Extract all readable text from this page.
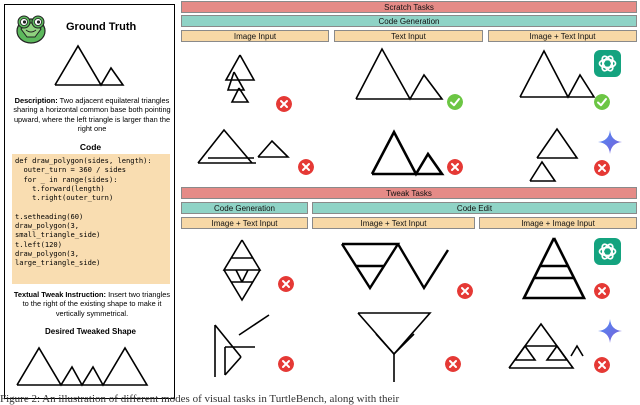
Ground Truth
Description: Two adjacent equilateral triangles sharing a horizontal common base both pointing upward, where the left triangle is larger than the right one
Code
def draw_polygon(sides, length):
outer_turn = 360 / sides
for _ in range(sides):
t.forward(length)
t.right(outer_turn)

t.setheading(60)
draw_polygon(3,
small_triangle_side)
t.left(120)
draw_polygon(3,
large_triangle_side)
Textual Tweak Instruction: Insert two triangles to the right of the existing shape to make it vertically symmetrical.
Desired Tweaked Shape
Scratch Tasks
Code Generation
Image Input	Text Input	Image + Text Input
Tweak Tasks
Code Generation	Code Edit
Image + Text Input	Image + Text Input	Image + Image Input
Figure 2: An illustration of different modes of visual tasks in TurtleBench, along with their
